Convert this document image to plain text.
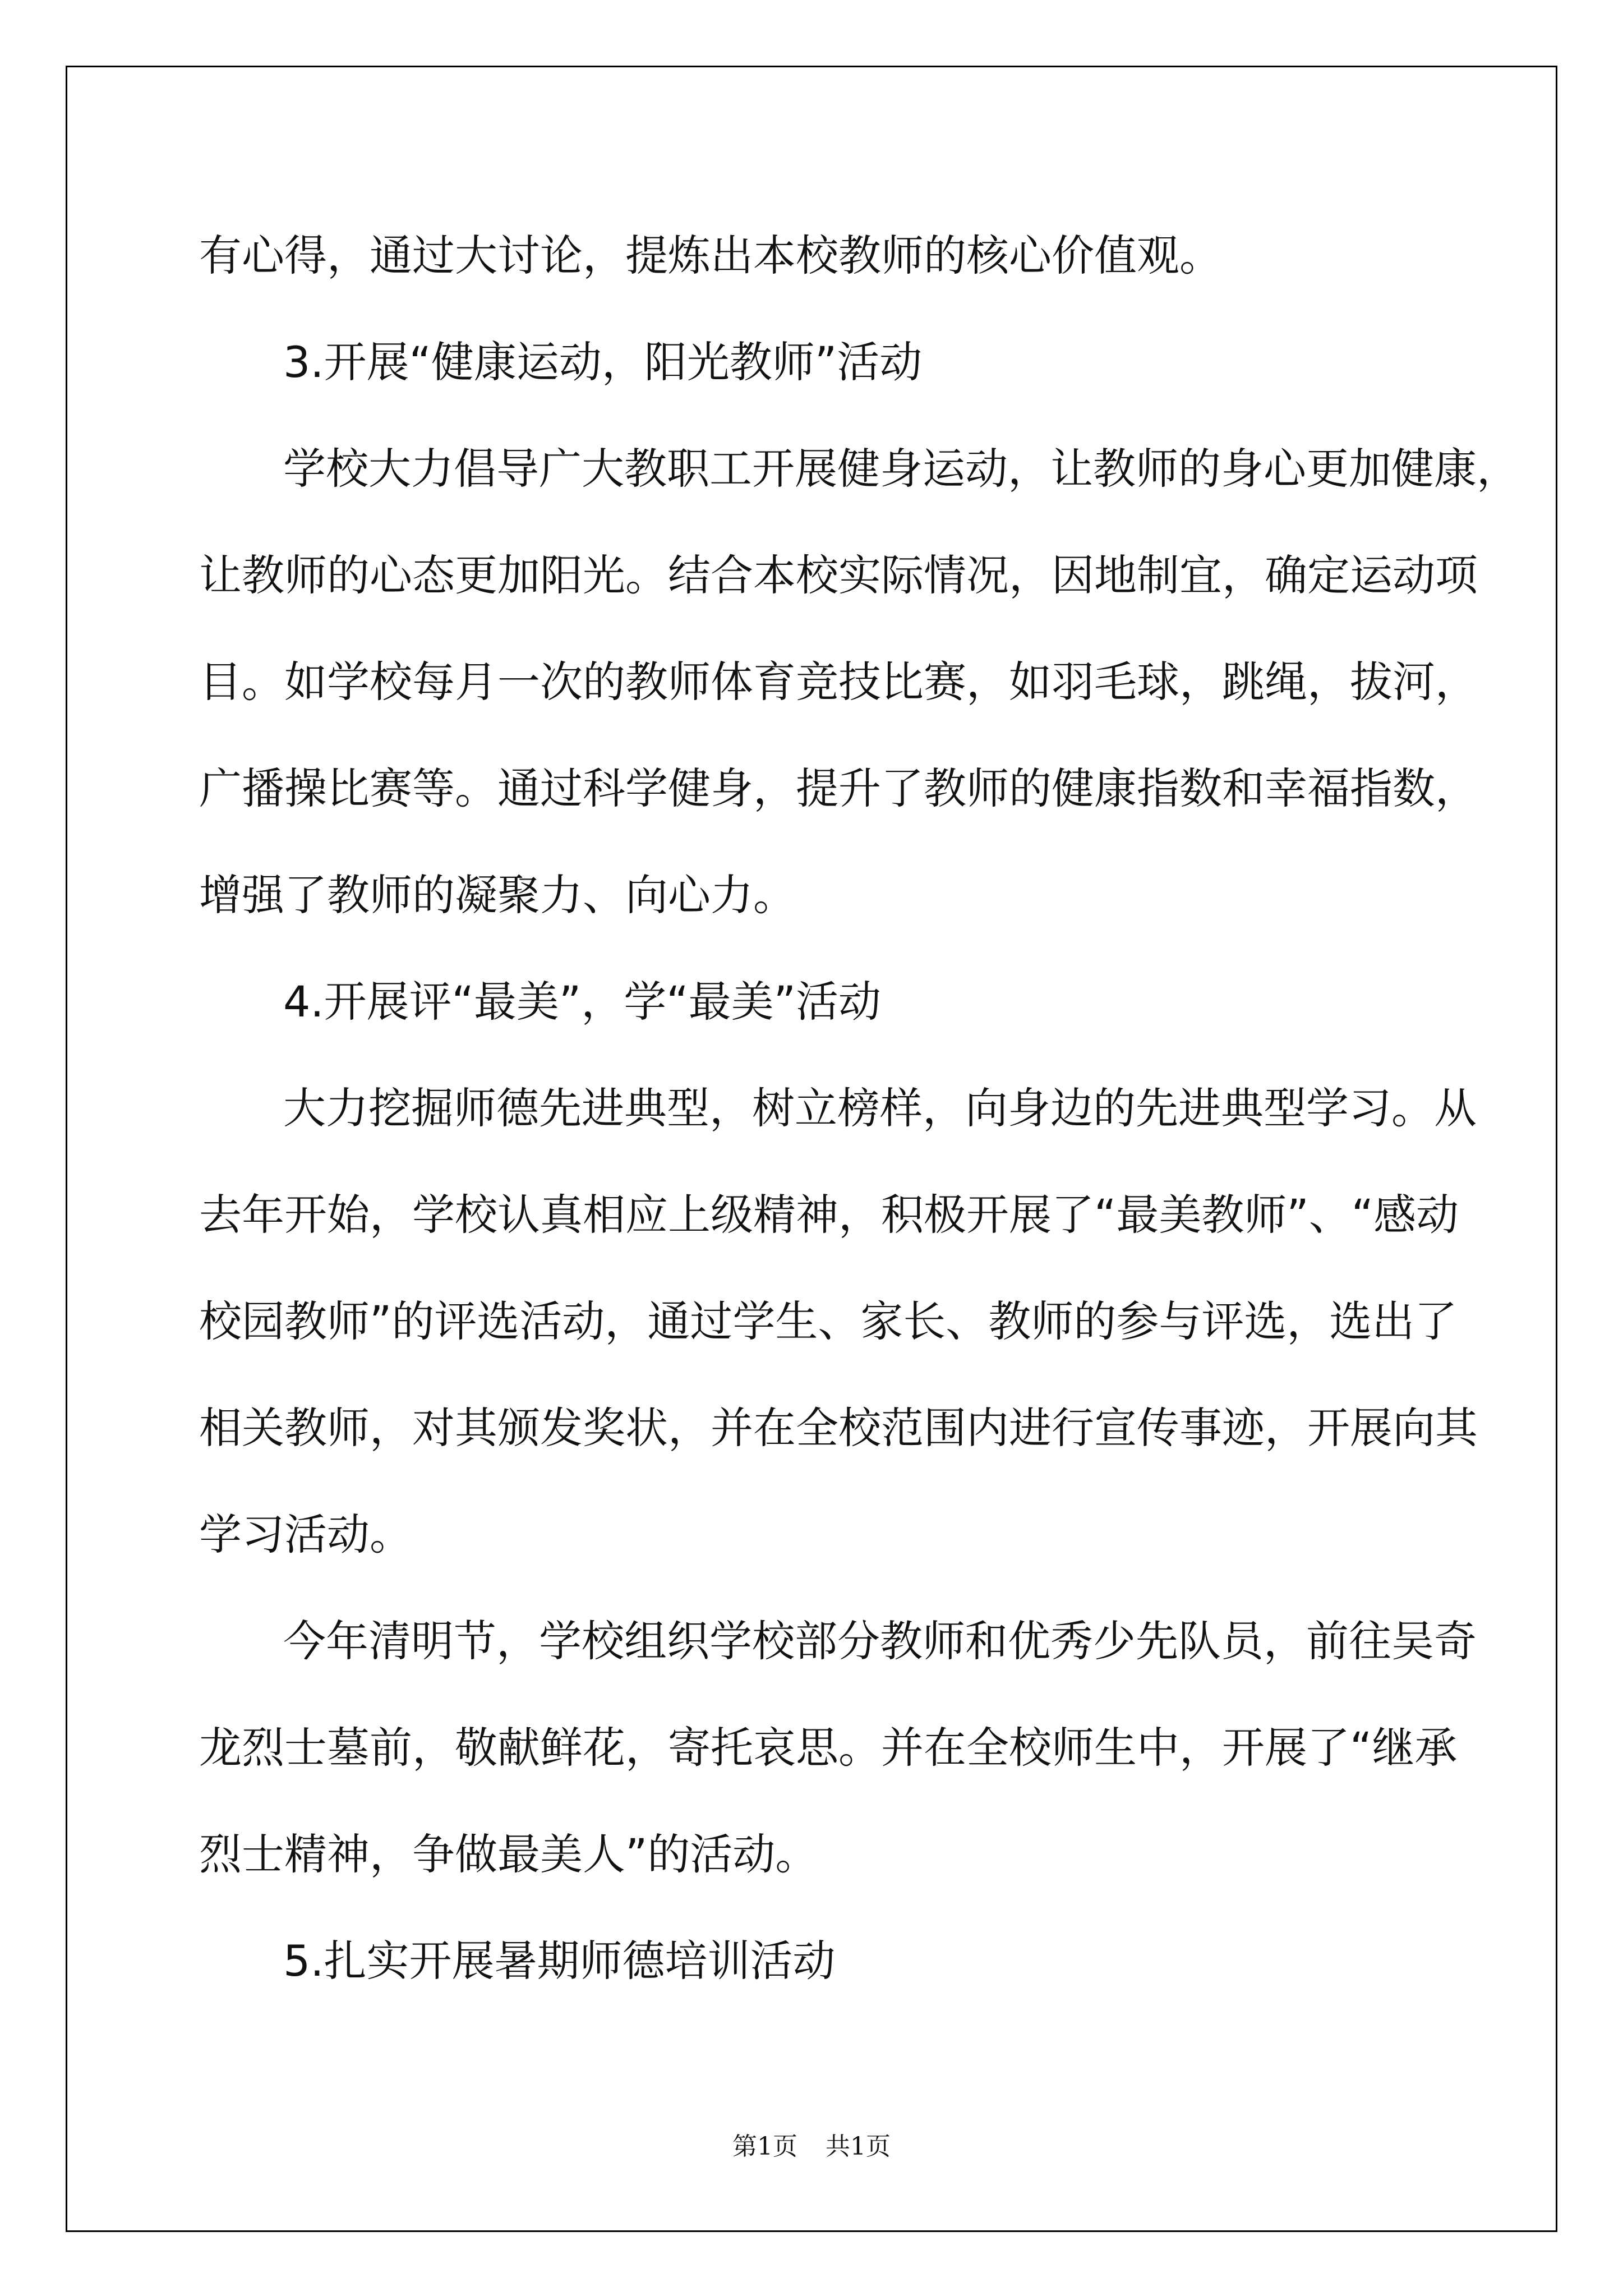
有心得，通过大讨论，提炼出本校教师的核心价值观。
3.开展“健康运动，阳光教师”活动
学校大力倡导广大教职工开展健身运动，让教师的身心更加健康，
让教师的心态更加阳光。结合本校实际情况，因地制宜，确定运动项
目。如学校每月一次的教师体育竞技比赛，如羽毛球，跳绳，拔河，
广播操比赛等。通过科学健身，提升了教师的健康指数和幸福指数，
增强了教师的凝聚力、向心力。
4.开展评“最美”，学“最美”活动
大力挖掘师德先进典型，树立榜样，向身边的先进典型学习。从
去年开始，学校认真相应上级精神，积极开展了“最美教师”、“感动
校园教师”的评选活动，通过学生、家长、教师的参与评选，选出了
相关教师，对其颁发奖状，并在全校范围内进行宣传事迹，开展向其
学习活动。
今年清明节，学校组织学校部分教师和优秀少先队员，前往吴奇
龙烈士墓前，敬献鲜花，寄托哀思。并在全校师生中，开展了“继承
烈士精神，争做最美人”的活动。
5.扎实开展暑期师德培训活动
第1页 共1页
